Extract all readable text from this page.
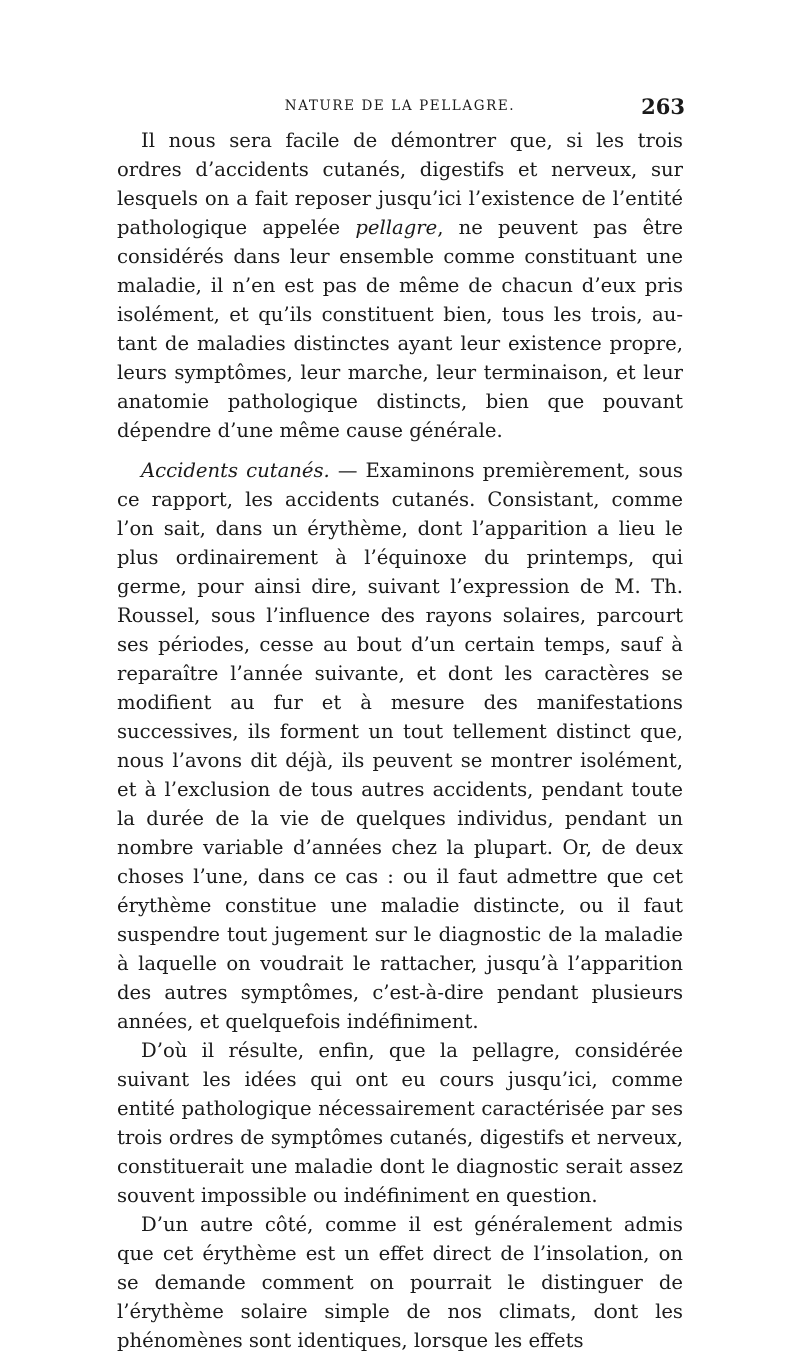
NATURE DE LA PELLAGRE.	263

Il nous sera facile de démontrer que, si les trois ordres d’accidents cutanés, digestifs et nerveux, sur lesquels on a fait reposer jusqu’ici l’existence de l’entité pathologique appelée pellagre, ne peuvent pas être considérés dans leur ensemble comme constituant une maladie, il n’en est pas de même de chacun d’eux pris isolément, et qu’ils constituent bien, tous les trois, autant de maladies distinctes ayant leur existence propre, leurs symptômes, leur marche, leur terminaison, et leur anatomie pathologique distincts, bien que pouvant dépendre d’une même cause générale.

Accidents cutanés. — Examinons premièrement, sous ce rapport, les accidents cutanés. Consistant, comme l’on sait, dans un érythème, dont l’apparition a lieu le plus ordinairement à l’équinoxe du printemps, qui germe, pour ainsi dire, suivant l’expression de M. Th. Roussel, sous l’influence des rayons solaires, parcourt ses périodes, cesse au bout d’un certain temps, sauf à reparaître l’année suivante, et dont les caractères se modifient au fur et à mesure des manifestations successives, ils forment un tout tellement distinct que, nous l’avons dit déjà, ils peuvent se montrer isolément, et à l’exclusion de tous autres accidents, pendant toute la durée de la vie de quelques individus, pendant un nombre variable d’années chez la plupart. Or, de deux choses l’une, dans ce cas : ou il faut admettre que cet érythème constitue une maladie distincte, ou il faut suspendre tout jugement sur le diagnostic de la maladie à laquelle on voudrait le rattacher, jusqu’à l’apparition des autres symptômes, c’est-à-dire pendant plusieurs années, et quelquefois indéfiniment.

D’où il résulte, enfin, que la pellagre, considérée suivant les idées qui ont eu cours jusqu’ici, comme entité pathologique nécessairement caractérisée par ses trois ordres de symptômes cutanés, digestifs et nerveux, constituerait une maladie dont le diagnostic serait assez souvent impossible ou indéfiniment en question.

D’un autre côté, comme il est généralement admis que cet érythème est un effet direct de l’insolation, on se demande comment on pourrait le distinguer de l’érythème solaire simple de nos climats, dont les phénomènes sont identiques, lorsque les effets
